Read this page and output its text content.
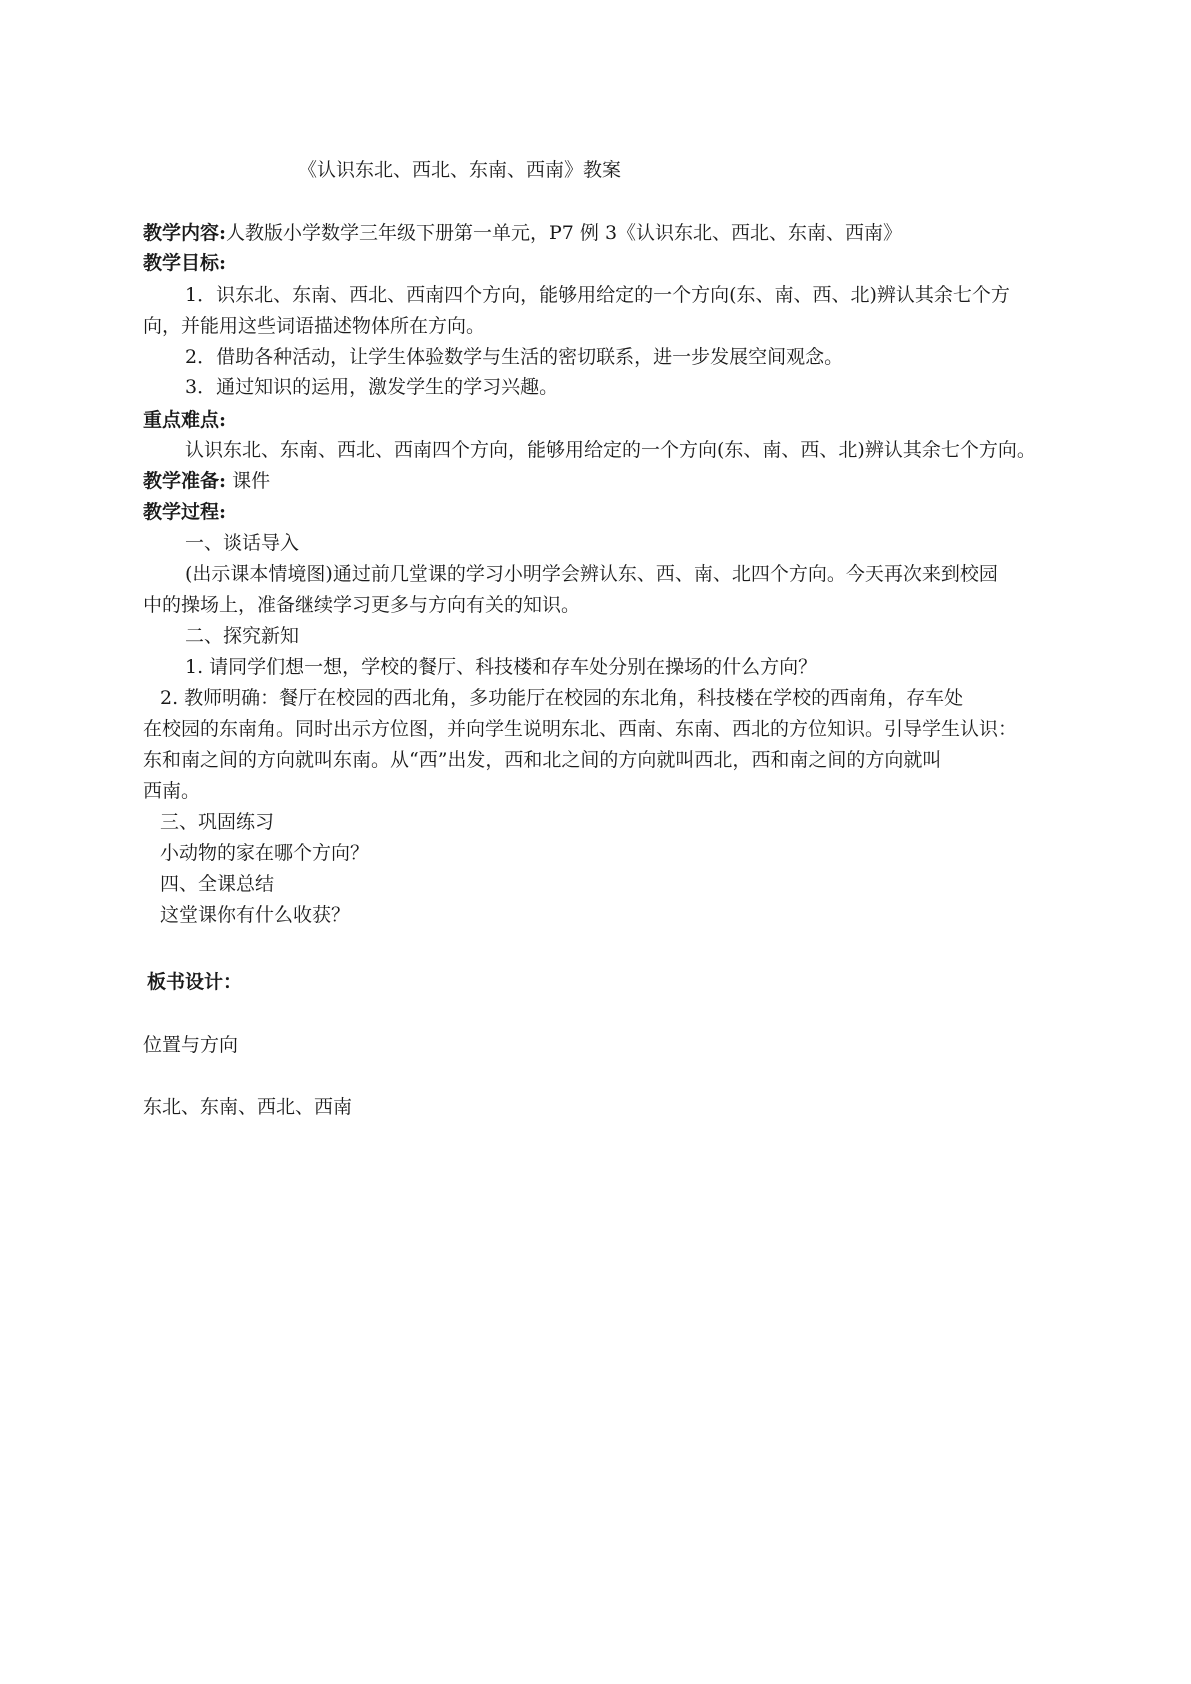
《认识东北、西北、东南、西南》教案
教学内容:人教版小学数学三年级下册第一单元，P7 例 3《认识东北、西北、东南、西南》
教学目标:
1．识东北、东南、西北、西南四个方向，能够用给定的一个方向(东、南、西、北)辨认其余七个方
向，并能用这些词语描述物体所在方向。
2．借助各种活动，让学生体验数学与生活的密切联系，进一步发展空间观念。
3．通过知识的运用，激发学生的学习兴趣。
重点难点:
认识东北、东南、西北、西南四个方向，能够用给定的一个方向(东、南、西、北)辨认其余七个方向。
教学准备: 课件
教学过程:
一、谈话导入
(出示课本情境图)通过前几堂课的学习小明学会辨认东、西、南、北四个方向。今天再次来到校园
中的操场上，准备继续学习更多与方向有关的知识。
二、探究新知
1. 请同学们想一想，学校的餐厅、科技楼和存车处分别在操场的什么方向？
2. 教师明确：餐厅在校园的西北角，多功能厅在校园的东北角，科技楼在学校的西南角，存车处
在校园的东南角。同时出示方位图，并向学生说明东北、西南、东南、西北的方位知识。引导学生认识：
东和南之间的方向就叫东南。从“西”出发，西和北之间的方向就叫西北，西和南之间的方向就叫
西南。
三、巩固练习
小动物的家在哪个方向？
四、全课总结
这堂课你有什么收获？
板书设计：
位置与方向
东北、东南、西北、西南
